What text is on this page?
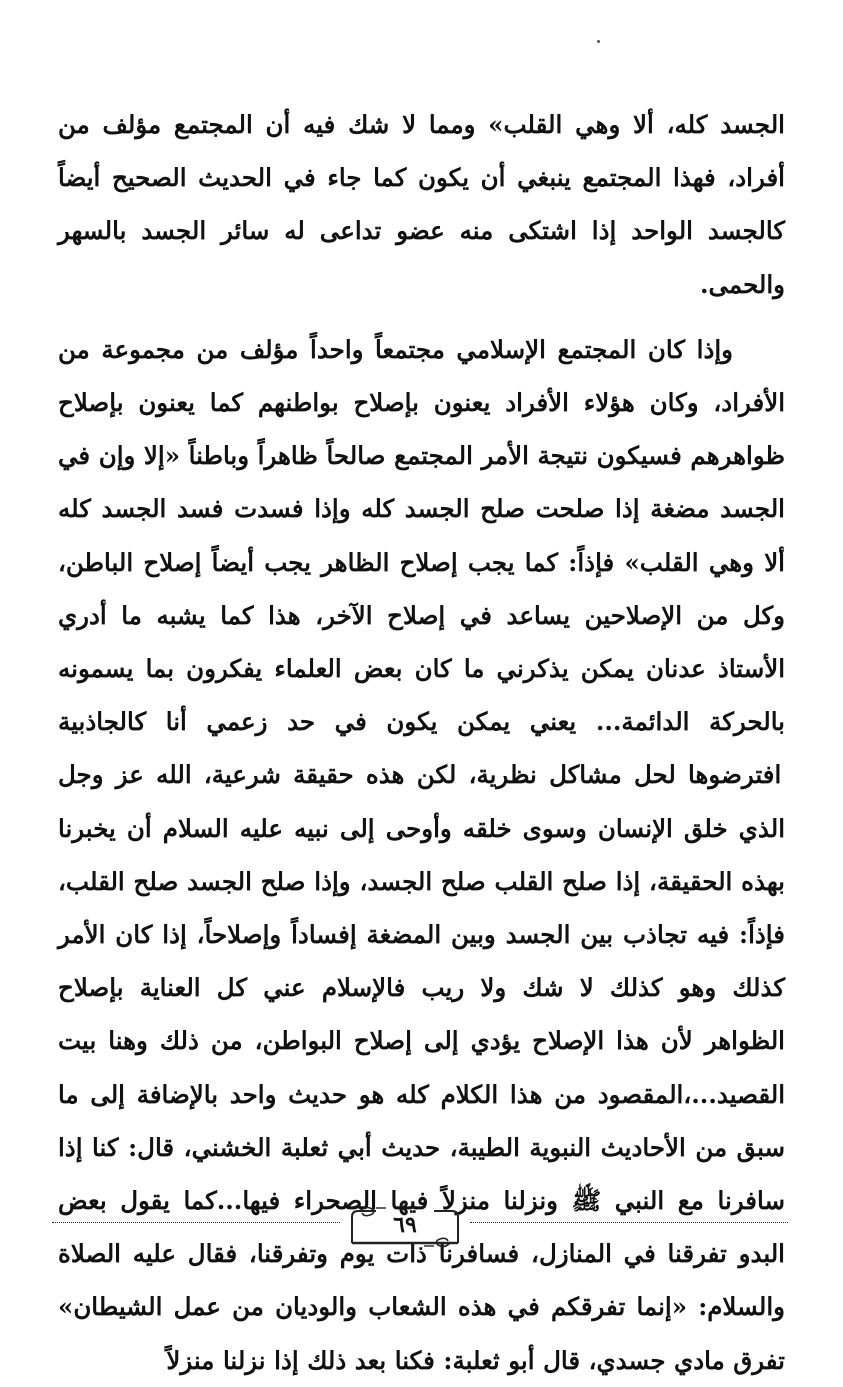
الجسد كله، ألا وهي القلب» ومما لا شك فيه أن المجتمع مؤلف من أفراد، فهذا المجتمع ينبغي أن يكون كما جاء في الحديث الصحيح أيضاً كالجسد الواحد إذا اشتكى منه عضو تداعى له سائر الجسد بالسهر والحمى.

وإذا كان المجتمع الإسلامي مجتمعاً واحداً مؤلف من مجموعة من الأفراد، وكان هؤلاء الأفراد يعنون بإصلاح بواطنهم كما يعنون بإصلاح ظواهرهم فسيكون نتيجة الأمر المجتمع صالحاً ظاهراً وباطناً «إلا وإن في الجسد مضغة إذا صلحت صلح الجسد كله وإذا فسدت فسد الجسد كله ألا وهي القلب» فإذاً: كما يجب إصلاح الظاهر يجب أيضاً إصلاح الباطن، وكل من الإصلاحين يساعد في إصلاح الآخر، هذا كما يشبه ما أدري الأستاذ عدنان يمكن يذكرني ما كان بعض العلماء يفكرون بما يسمونه بالحركة الدائمة... يعني يمكن يكون في حد زعمي أنا كالجاذبية افترضوها لحل مشاكل نظرية، لكن هذه حقيقة شرعية، الله عز وجل الذي خلق الإنسان وسوى خلقه وأوحى إلى نبيه عليه السلام أن يخبرنا بهذه الحقيقة، إذا صلح القلب صلح الجسد، وإذا صلح الجسد صلح القلب، فإذاً: فيه تجاذب بين الجسد وبين المضغة إفساداً وإصلاحاً، إذا كان الأمر كذلك وهو كذلك لا شك ولا ريب فالإسلام عني كل العناية بإصلاح الظواهر لأن هذا الإصلاح يؤدي إلى إصلاح البواطن، من ذلك وهنا بيت القصيد...،المقصود من هذا الكلام كله هو حديث واحد بالإضافة إلى ما سبق من الأحاديث النبوية الطيبة، حديث أبي ثعلبة الخشني، قال: كنا إذا سافرنا مع النبي ﷺ ونزلنا منزلاً فيها الصحراء فيها...كما يقول بعض البدو تفرقنا في المنازل، فسافرنا ذات يوم وتفرقنا، فقال عليه الصلاة والسلام: «إنما تفرقكم في هذه الشعاب والوديان من عمل الشيطان» تفرق مادي جسدي، قال أبو ثعلبة: فكنا بعد ذلك إذا نزلنا منزلاً

٦٩
